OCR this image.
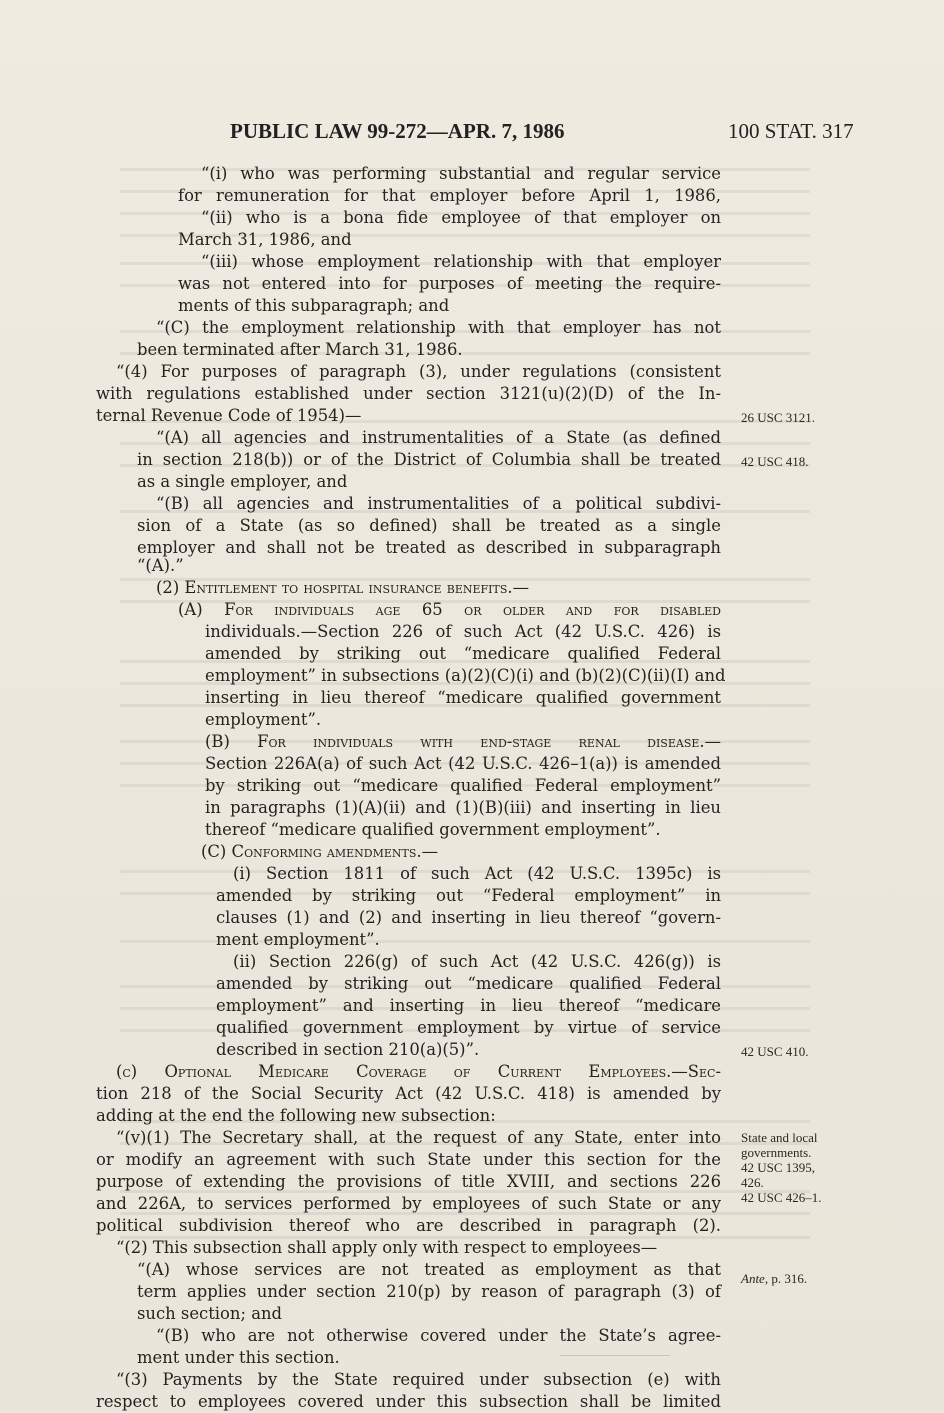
PUBLIC LAW 99-272—APR. 7, 1986	100 STAT. 317

“(i) who was performing substantial and regular service

for remuneration for that employer before April 1, 1986,

“(ii) who is a bona fide employee of that employer on

March 31, 1986, and

“(iii) whose employment relationship with that employer

was not entered into for purposes of meeting the require-

ments of this subparagraph; and

“(C) the employment relationship with that employer has not

been terminated after March 31, 1986.

“(4) For purposes of paragraph (3), under regulations (consistent

with regulations established under section 3121(u)(2)(D) of the In-

ternal Revenue Code of 1954)—

“(A) all agencies and instrumentalities of a State (as defined

in section 218(b)) or of the District of Columbia shall be treated

as a single employer, and

“(B) all agencies and instrumentalities of a political subdivi-

sion of a State (as so defined) shall be treated as a single

employer and shall not be treated as described in subparagraph

“(A).”

(2) Entitlement to hospital insurance benefits.—

(A) For individuals age 65 or older and for disabled

individuals.—Section 226 of such Act (42 U.S.C. 426) is

amended by striking out “medicare qualified Federal

employment” in subsections (a)(2)(C)(i) and (b)(2)(C)(ii)(I) and

inserting in lieu thereof “medicare qualified government

employment”.

(B) For individuals with end-stage renal disease.—

Section 226A(a) of such Act (42 U.S.C. 426–1(a)) is amended

by striking out “medicare qualified Federal employment”

in paragraphs (1)(A)(ii) and (1)(B)(iii) and inserting in lieu

thereof “medicare qualified government employment”.

(C) Conforming amendments.—

(i) Section 1811 of such Act (42 U.S.C. 1395c) is

amended by striking out “Federal employment” in

clauses (1) and (2) and inserting in lieu thereof “govern-

ment employment”.

(ii) Section 226(g) of such Act (42 U.S.C. 426(g)) is

amended by striking out “medicare qualified Federal

employment” and inserting in lieu thereof “medicare

qualified government employment by virtue of service

described in section 210(a)(5)”.

(c) Optional Medicare Coverage of Current Employees.—Sec-

tion 218 of the Social Security Act (42 U.S.C. 418) is amended by

adding at the end the following new subsection:

“(v)(1) The Secretary shall, at the request of any State, enter into

or modify an agreement with such State under this section for the

purpose of extending the provisions of title XVIII, and sections 226

and 226A, to services performed by employees of such State or any

political subdivision thereof who are described in paragraph (2).

“(2) This subsection shall apply only with respect to employees—

“(A) whose services are not treated as employment as that

term applies under section 210(p) by reason of paragraph (3) of

such section; and

“(B) who are not otherwise covered under the State’s agree-

ment under this section.

“(3) Payments by the State required under subsection (e) with

respect to employees covered under this subsection shall be limited

26 USC 3121.

42 USC 418.

42 USC 410.

State and local

governments.

42 USC 1395,

426.

42 USC 426–1.

Ante, p. 316.
